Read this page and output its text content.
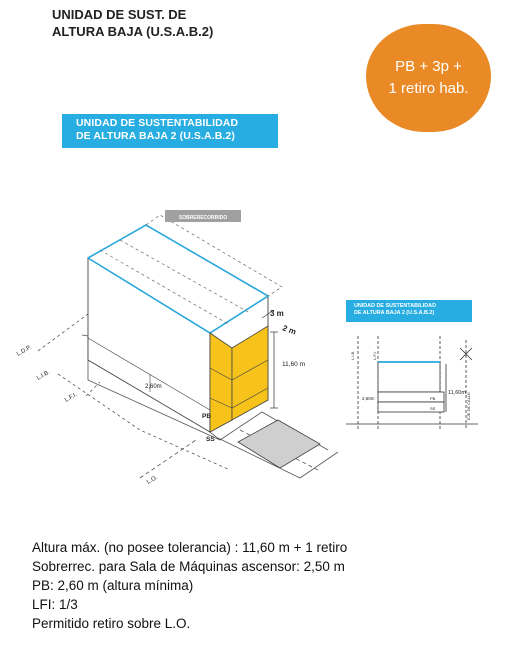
UNIDAD DE SUST. DE
ALTURA BAJA (U.S.A.B.2)
PB + 3p +
1 retiro hab.
UNIDAD DE SUSTENTABILIDAD
DE ALTURA BAJA 2 (U.S.A.B.2)
3 m
2 m
11,60 m
2,60m
PB
SS
L.D.P.
L.I.B.
L.F.I.
L.O.
SOBRERECORRIDO
11,60m
2,60m	PB
SS
L.I.B.	L.F.I.
EJE DE CALLE
UNIDAD DE SUSTENTABILIDAD
DE ALTURA BAJA 2 (U.S.A.B.2)
Altura máx. (no posee tolerancia) : 11,60 m + 1 retiro
Sobrerrec. para Sala de Máquinas ascensor: 2,50 m
PB: 2,60 m (altura mínima)
LFI: 1/3
Permitido retiro sobre L.O.
